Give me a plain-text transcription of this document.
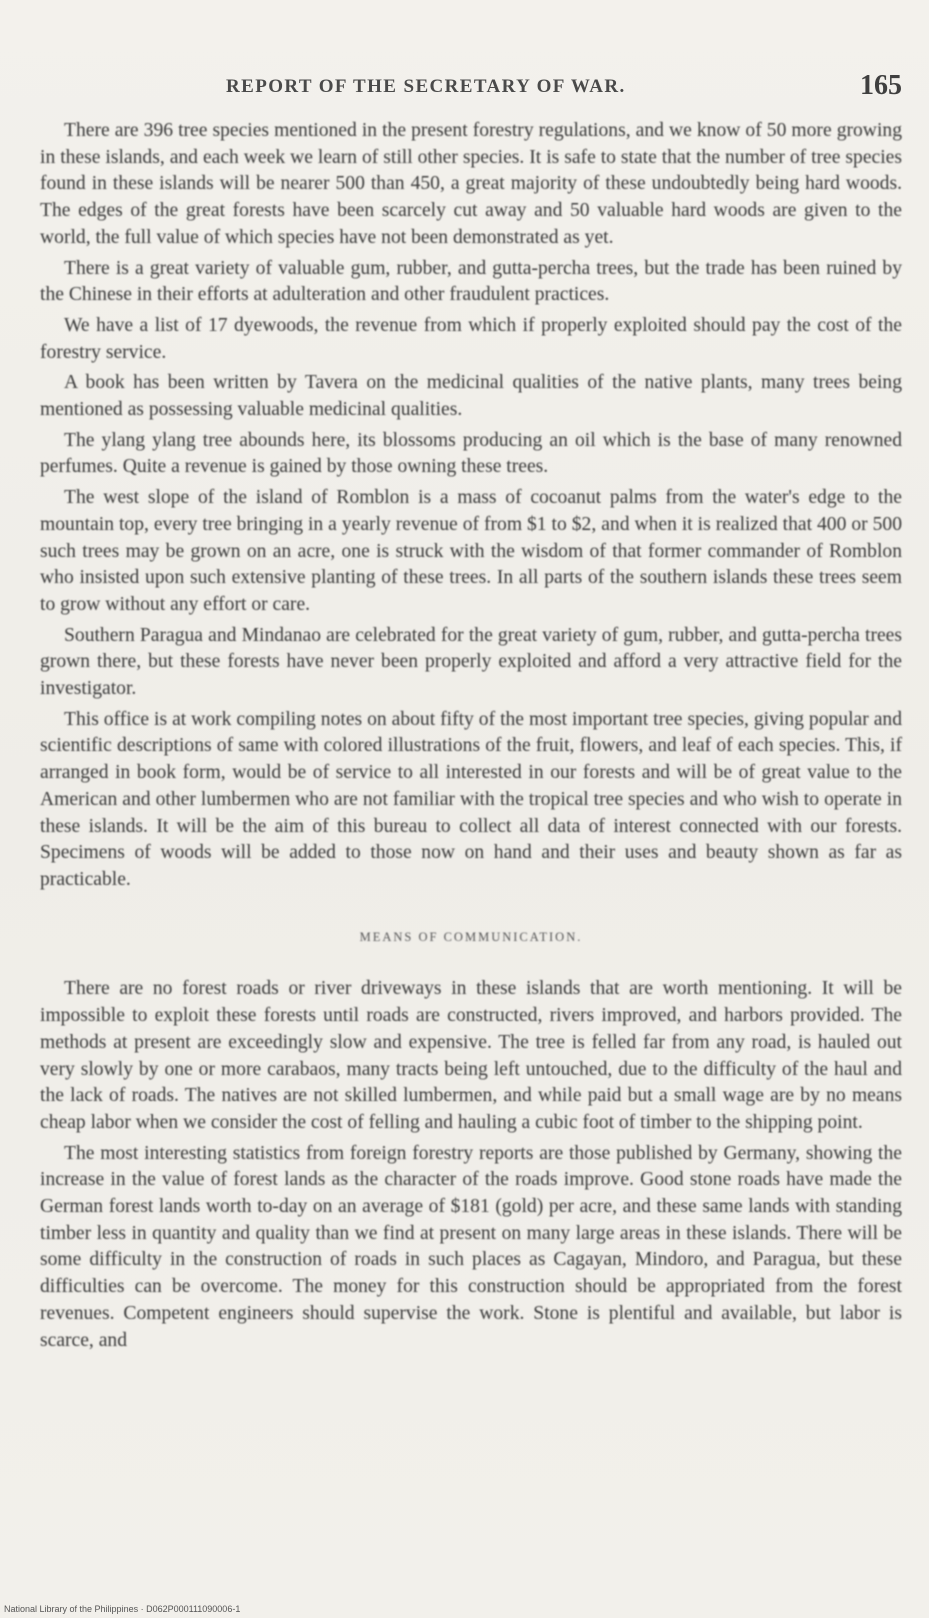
REPORT OF THE SECRETARY OF WAR.	165

There are 396 tree species mentioned in the present forestry regulations, and we know of 50 more growing in these islands, and each week we learn of still other species. It is safe to state that the number of tree species found in these islands will be nearer 500 than 450, a great majority of these undoubtedly being hard woods. The edges of the great forests have been scarcely cut away and 50 valuable hard woods are given to the world, the full value of which species have not been demonstrated as yet.

There is a great variety of valuable gum, rubber, and gutta-percha trees, but the trade has been ruined by the Chinese in their efforts at adulteration and other fraudulent practices.

We have a list of 17 dyewoods, the revenue from which if properly exploited should pay the cost of the forestry service.

A book has been written by Tavera on the medicinal qualities of the native plants, many trees being mentioned as possessing valuable medicinal qualities.

The ylang ylang tree abounds here, its blossoms producing an oil which is the base of many renowned perfumes. Quite a revenue is gained by those owning these trees.

The west slope of the island of Romblon is a mass of cocoanut palms from the water's edge to the mountain top, every tree bringing in a yearly revenue of from $1 to $2, and when it is realized that 400 or 500 such trees may be grown on an acre, one is struck with the wisdom of that former commander of Romblon who insisted upon such extensive planting of these trees. In all parts of the southern islands these trees seem to grow without any effort or care.

Southern Paragua and Mindanao are celebrated for the great variety of gum, rubber, and gutta-percha trees grown there, but these forests have never been properly exploited and afford a very attractive field for the investigator.

This office is at work compiling notes on about fifty of the most important tree species, giving popular and scientific descriptions of same with colored illustrations of the fruit, flowers, and leaf of each species. This, if arranged in book form, would be of service to all interested in our forests and will be of great value to the American and other lumbermen who are not familiar with the tropical tree species and who wish to operate in these islands. It will be the aim of this bureau to collect all data of interest connected with our forests. Specimens of woods will be added to those now on hand and their uses and beauty shown as far as practicable.

MEANS OF COMMUNICATION.

There are no forest roads or river driveways in these islands that are worth mentioning. It will be impossible to exploit these forests until roads are constructed, rivers improved, and harbors provided. The methods at present are exceedingly slow and expensive. The tree is felled far from any road, is hauled out very slowly by one or more carabaos, many tracts being left untouched, due to the difficulty of the haul and the lack of roads. The natives are not skilled lumbermen, and while paid but a small wage are by no means cheap labor when we consider the cost of felling and hauling a cubic foot of timber to the shipping point.

The most interesting statistics from foreign forestry reports are those published by Germany, showing the increase in the value of forest lands as the character of the roads improve. Good stone roads have made the German forest lands worth to-day on an average of $181 (gold) per acre, and these same lands with standing timber less in quantity and quality than we find at present on many large areas in these islands. There will be some difficulty in the construction of roads in such places as Cagayan, Mindoro, and Paragua, but these difficulties can be overcome. The money for this construction should be appropriated from the forest revenues. Competent engineers should supervise the work. Stone is plentiful and available, but labor is scarce, and

National Library of the Philippines · D062P000111090006-1
